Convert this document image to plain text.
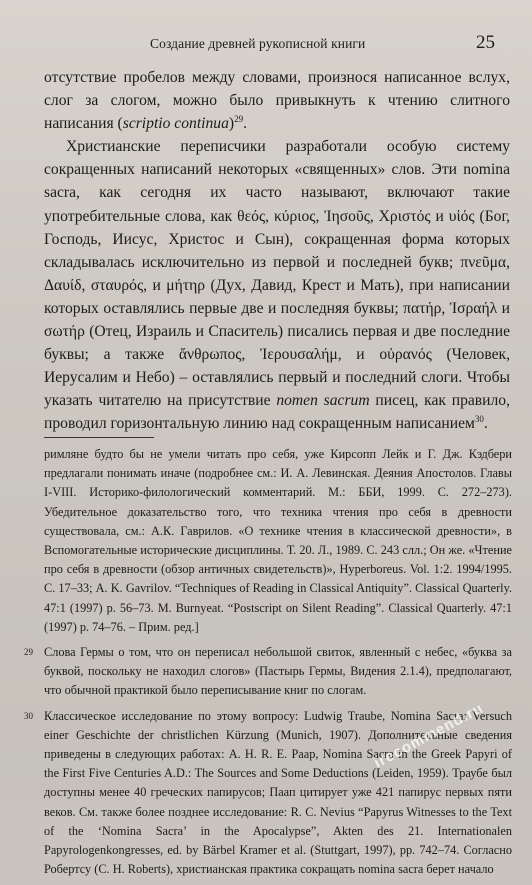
Создание древней рукописной книги	25

отсутствие пробелов между словами, произнося написанное вслух, слог за слогом, можно было привыкнуть к чтению слитного написания (scriptio continua)$^{29}$.

Христианские переписчики разработали особую систему сокращенных написаний некоторых «священных» слов. Эти nomina sacra, как сегодня их часто называют, включают такие употребительные слова, как θεός, κύριος, Ἰησοῦς, Χριστός и υἱός (Бог, Господь, Иисус, Христос и Сын), сокращенная форма которых складывалась исключительно из первой и последней букв; πνεῦμα, Δαυίδ, σταυρός, и μήτηρ (Дух, Давид, Крест и Мать), при написании которых оставлялись первые две и последняя буквы; πατήρ, Ἰσραήλ и σωτήρ (Отец, Израиль и Спаситель) писались первая и две последние буквы; а также ἄνθρωπος, Ἰερουσαλήμ, и οὐρανός (Человек, Иерусалим и Небо) – оставлялись первый и последний слоги. Чтобы указать читателю на присутствие nomen sacrum писец, как правило, проводил горизонтальную линию над сокращенным написанием$^{30}$.

римляне будто бы не умели читать про себя, уже Кирсопп Лейк и Г. Дж. Кэдбери предлагали понимать иначе (подробнее см.: И. А. Левинская. Деяния Апостолов. Главы I-VIII. Историко-филологический комментарий. М.: ББИ, 1999. С. 272–273). Убедительное доказательство того, что техника чтения про себя в древности существовала, см.: А.К. Гаврилов. «О технике чтения в классической древности», в Вспомогательные исторические дисциплины. Т. 20. Л., 1989. С. 243 слл.; Он же. «Чтение про себя в древности (обзор античных свидетельств)», Hyperboreus. Vol. 1:2. 1994/1995. С. 17–33; A. K. Gavrilov. “Techniques of Reading in Classical Antiquity”. Classical Quarterly. 47:1 (1997) p. 56–73. M. Burnyeat. “Postscript on Silent Reading”. Classical Quarterly. 47:1 (1997) p. 74–76. – Прим. ред.]

29 Слова Гермы о том, что он переписал небольшой свиток, явленный с небес, «буква за буквой, поскольку не находил слогов» (Пастырь Гермы, Видения 2.1.4), предполагают, что обычной практикой было переписывание книг по слогам.

30 Классическое исследование по этому вопросу: Ludwig Traube, Nomina Sacra: Versuch einer Geschichte der christlichen Kürzung (Munich, 1907). Дополнительные сведения приведены в следующих работах: A. H. R. E. Paap, Nomina Sacra in the Greek Papyri of the First Five Centuries A.D.: The Sources and Some Deductions (Leiden, 1959). Траубе был доступны менее 40 греческих папирусов; Паап цитирует уже 421 папирус первых пяти веков. См. также более позднее исследование: R. C. Nevius “Papyrus Witnesses to the Text of the ‘Nomina Sacra’ in the Apocalypse”, Akten des 21. Internationalen Papyrologenkongresses, ed. by Bärbel Kramer et al. (Stuttgart, 1997), pp. 742–74. Согласно Робертсу (C. H. Roberts), христианская практика сокращать nomina sacra берет начало

irecommend.ru
